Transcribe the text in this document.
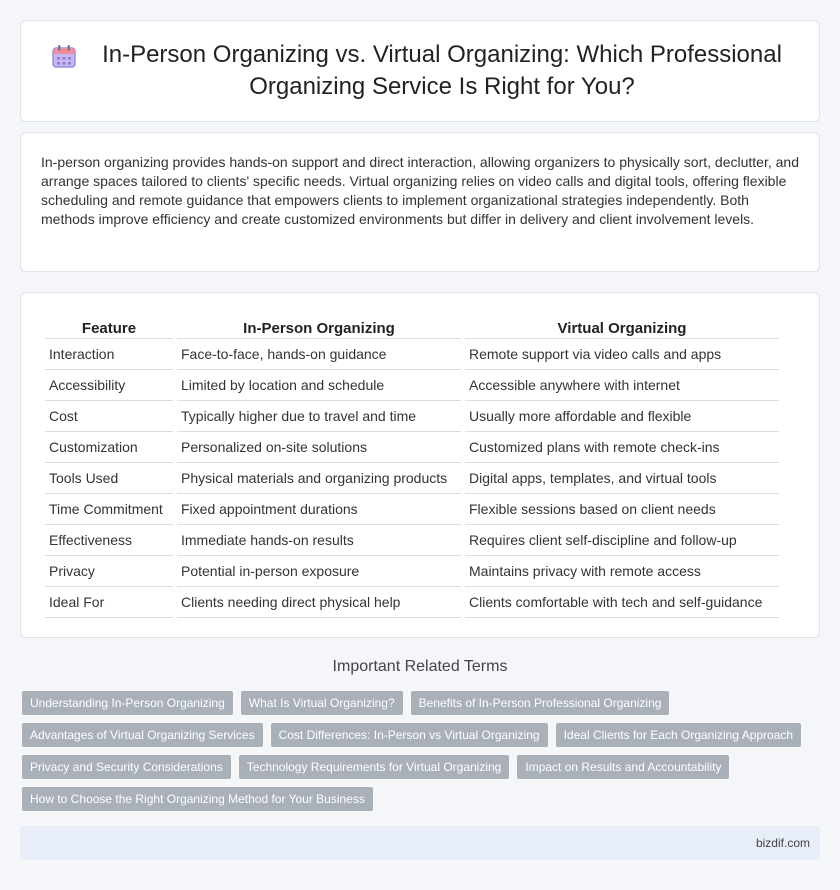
In-Person Organizing vs. Virtual Organizing: Which Professional Organizing Service Is Right for You?

In-person organizing provides hands-on support and direct interaction, allowing organizers to physically sort, declutter, and arrange spaces tailored to clients' specific needs. Virtual organizing relies on video calls and digital tools, offering flexible scheduling and remote guidance that empowers clients to implement organizational strategies independently. Both methods improve efficiency and create customized environments but differ in delivery and client involvement levels.

Feature	In-Person Organizing	Virtual Organizing
Interaction	Face-to-face, hands-on guidance	Remote support via video calls and apps
Accessibility	Limited by location and schedule	Accessible anywhere with internet
Cost	Typically higher due to travel and time	Usually more affordable and flexible
Customization	Personalized on-site solutions	Customized plans with remote check-ins
Tools Used	Physical materials and organizing products	Digital apps, templates, and virtual tools
Time Commitment	Fixed appointment durations	Flexible sessions based on client needs
Effectiveness	Immediate hands-on results	Requires client self-discipline and follow-up
Privacy	Potential in-person exposure	Maintains privacy with remote access
Ideal For	Clients needing direct physical help	Clients comfortable with tech and self-guidance
Important Related Terms
Understanding In-Person Organizing	What Is Virtual Organizing?	Benefits of In-Person Professional Organizing
Advantages of Virtual Organizing Services	Cost Differences: In-Person vs Virtual Organizing	Ideal Clients for Each Organizing Approach
Privacy and Security Considerations	Technology Requirements for Virtual Organizing	Impact on Results and Accountability
How to Choose the Right Organizing Method for Your Business
bizdif.com
